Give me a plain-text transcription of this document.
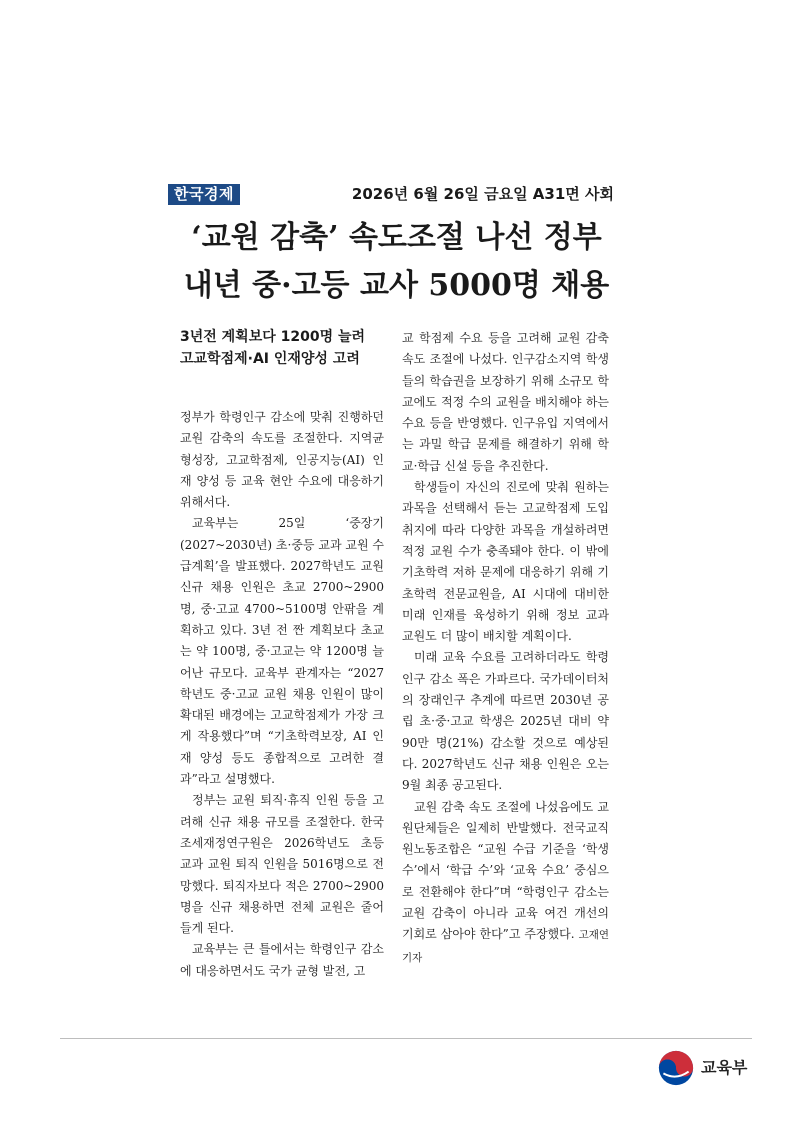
한국경제	2026년 6월 26일 금요일 A31면 사회
‘교원 감축’ 속도조절 나선 정부
내년 중·고등 교사 5000명 채용
3년전 계획보다 1200명 늘려
고교학점제·AI 인재양성 고려

정부가 학령인구 감소에 맞춰 진행하던 교원 감축의 속도를 조절한다. 지역균형성장, 고교학점제, 인공지능(AI) 인재 양성 등 교육 현안 수요에 대응하기 위해서다.

교육부는 25일 ‘중장기(2027~2030년) 초·중등 교과 교원 수급계획’을 발표했다. 2027학년도 교원 신규 채용 인원은 초교 2700~2900명, 중·고교 4700~5100명 안팎을 계획하고 있다. 3년 전 짠 계획보다 초교는 약 100명, 중·고교는 약 1200명 늘어난 규모다. 교육부 관계자는 “2027학년도 중·고교 교원 채용 인원이 많이 확대된 배경에는 고교학점제가 가장 크게 작용했다”며 “기초학력보장, AI 인재 양성 등도 종합적으로 고려한 결과”라고 설명했다.

정부는 교원 퇴직·휴직 인원 등을 고려해 신규 채용 규모를 조절한다. 한국조세재정연구원은 2026학년도 초등 교과 교원 퇴직 인원을 5016명으로 전망했다. 퇴직자보다 적은 2700~2900명을 신규 채용하면 전체 교원은 줄어들게 된다.

교육부는 큰 틀에서는 학령인구 감소에 대응하면서도 국가 균형 발전, 고

교 학점제 수요 등을 고려해 교원 감축 속도 조절에 나섰다. 인구감소지역 학생들의 학습권을 보장하기 위해 소규모 학교에도 적정 수의 교원을 배치해야 하는 수요 등을 반영했다. 인구유입 지역에서는 과밀 학급 문제를 해결하기 위해 학교·학급 신설 등을 추진한다.

학생들이 자신의 진로에 맞춰 원하는 과목을 선택해서 듣는 고교학점제 도입 취지에 따라 다양한 과목을 개설하려면 적정 교원 수가 충족돼야 한다. 이 밖에 기초학력 저하 문제에 대응하기 위해 기초학력 전문교원을, AI 시대에 대비한 미래 인재를 육성하기 위해 정보 교과 교원도 더 많이 배치할 계획이다.

미래 교육 수요를 고려하더라도 학령인구 감소 폭은 가파르다. 국가데이터처의 장래인구 추계에 따르면 2030년 공립 초·중·고교 학생은 2025년 대비 약 90만 명(21%) 감소할 것으로 예상된다. 2027학년도 신규 채용 인원은 오는 9월 최종 공고된다.

교원 감축 속도 조절에 나섰음에도 교원단체들은 일제히 반발했다. 전국교직원노동조합은 “교원 수급 기준을 ‘학생 수’에서 ‘학급 수’와 ‘교육 수요’ 중심으로 전환해야 한다”며 “학령인구 감소는 교원 감축이 아니라 교육 여건 개선의 기회로 삼아야 한다”고 주장했다. 고재연 기자

교육부
